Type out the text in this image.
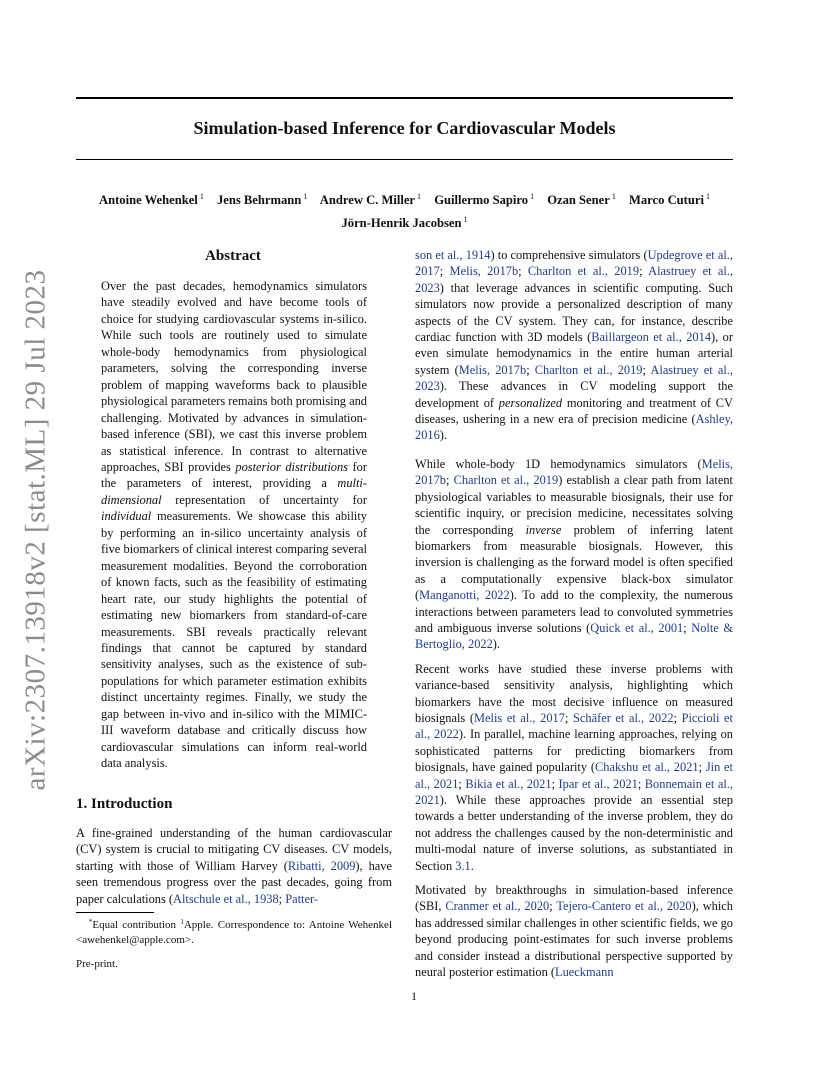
Simulation-based Inference for Cardiovascular Models
Antoine Wehenkel $^1$ Jens Behrmann $^1$ Andrew C. Miller $^1$ Guillermo Sapiro $^1$ Ozan Sener $^1$ Marco Cuturi $^1$
Jörn-Henrik Jacobsen $^1$
arXiv:2307.13918v2 [stat.ML] 29 Jul 2023
Abstract

Over the past decades, hemodynamics simulators have steadily evolved and have become tools of choice for studying cardiovascular systems in-silico. While such tools are routinely used to simulate whole-body hemodynamics from physiological parameters, solving the corresponding inverse problem of mapping waveforms back to plausible physiological parameters remains both promising and challenging. Motivated by advances in simulation-based inference (SBI), we cast this inverse problem as statistical inference. In contrast to alternative approaches, SBI provides posterior distributions for the parameters of interest, providing a multi-dimensional representation of uncertainty for individual measurements. We showcase this ability by performing an in-silico uncertainty analysis of five biomarkers of clinical interest comparing several measurement modalities. Beyond the corroboration of known facts, such as the feasibility of estimating heart rate, our study highlights the potential of estimating new biomarkers from standard-of-care measurements. SBI reveals practically relevant findings that cannot be captured by standard sensitivity analyses, such as the existence of sub-populations for which parameter estimation exhibits distinct uncertainty regimes. Finally, we study the gap between in-vivo and in-silico with the MIMIC-III waveform database and critically discuss how cardiovascular simulations can inform real-world data analysis.

1. Introduction

A fine-grained understanding of the human cardiovascular (CV) system is crucial to mitigating CV diseases. CV models, starting with those of William Harvey (Ribatti, 2009), have seen tremendous progress over the past decades, going from paper calculations (Altschule et al., 1938; Patter-

*Equal contribution $^1$Apple. Correspondence to: Antoine Wehenkel <awehenkel@apple.com>.

Pre-print.

son et al., 1914) to comprehensive simulators (Updegrove et al., 2017; Melis, 2017b; Charlton et al., 2019; Alastruey et al., 2023) that leverage advances in scientific computing. Such simulators now provide a personalized description of many aspects of the CV system. They can, for instance, describe cardiac function with 3D models (Baillargeon et al., 2014), or even simulate hemodynamics in the entire human arterial system (Melis, 2017b; Charlton et al., 2019; Alastruey et al., 2023). These advances in CV modeling support the development of personalized monitoring and treatment of CV diseases, ushering in a new era of precision medicine (Ashley, 2016).

While whole-body 1D hemodynamics simulators (Melis, 2017b; Charlton et al., 2019) establish a clear path from latent physiological variables to measurable biosignals, their use for scientific inquiry, or precision medicine, necessitates solving the corresponding inverse problem of inferring latent biomarkers from measurable biosignals. However, this inversion is challenging as the forward model is often specified as a computationally expensive black-box simulator (Manganotti, 2022). To add to the complexity, the numerous interactions between parameters lead to convoluted symmetries and ambiguous inverse solutions (Quick et al., 2001; Nolte & Bertoglio, 2022).

Recent works have studied these inverse problems with variance-based sensitivity analysis, highlighting which biomarkers have the most decisive influence on measured biosignals (Melis et al., 2017; Schäfer et al., 2022; Piccioli et al., 2022). In parallel, machine learning approaches, relying on sophisticated patterns for predicting biomarkers from biosignals, have gained popularity (Chakshu et al., 2021; Jin et al., 2021; Bikia et al., 2021; Ipar et al., 2021; Bonnemain et al., 2021). While these approaches provide an essential step towards a better understanding of the inverse problem, they do not address the challenges caused by the non-deterministic and multi-modal nature of inverse solutions, as substantiated in Section 3.1.

Motivated by breakthroughs in simulation-based inference (SBI, Cranmer et al., 2020; Tejero-Cantero et al., 2020), which has addressed similar challenges in other scientific fields, we go beyond producing point-estimates for such inverse problems and consider instead a distributional perspective supported by neural posterior estimation (Lueckmann

1
